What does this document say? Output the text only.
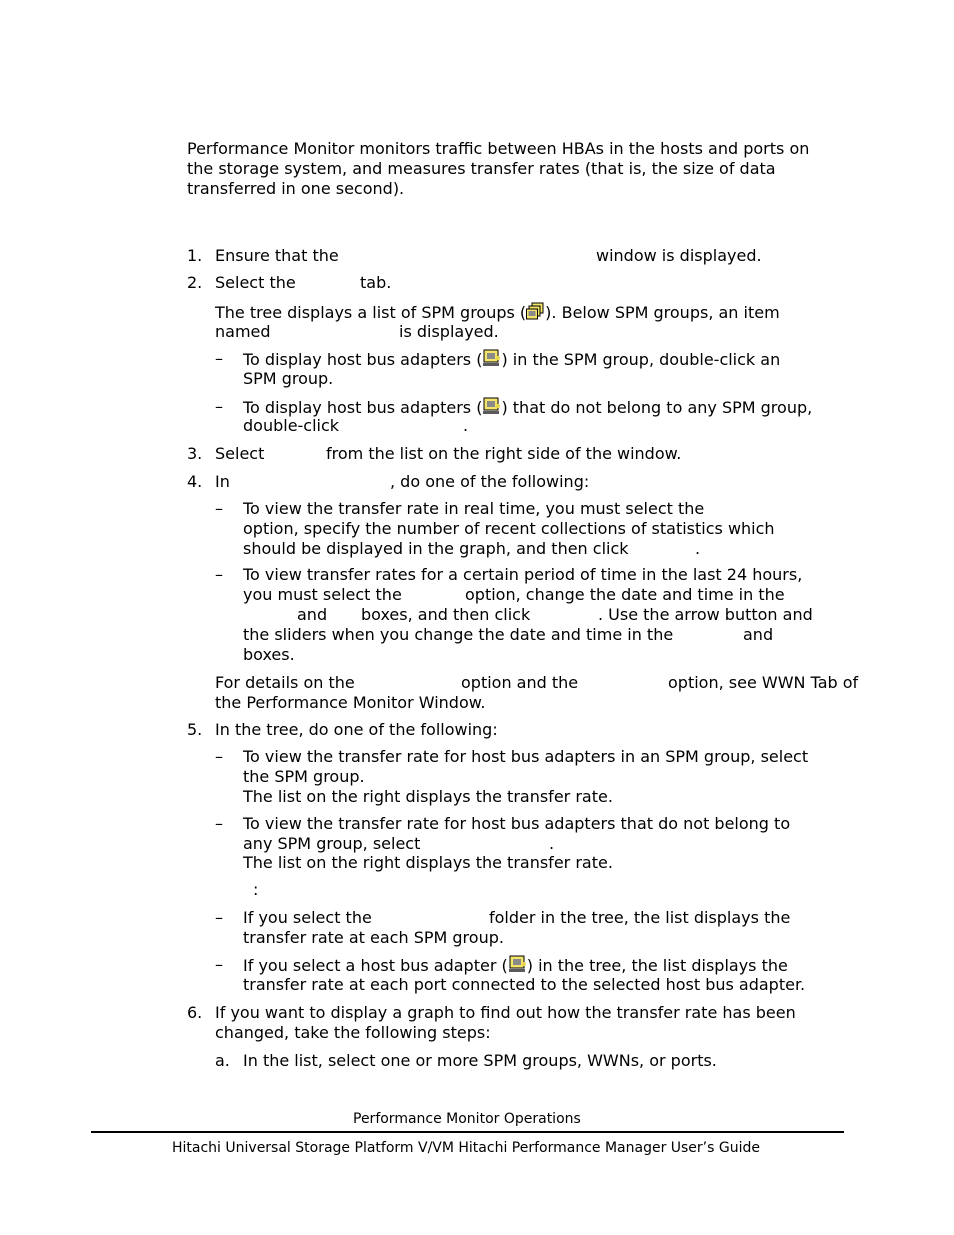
Performance Monitor monitors traffic between HBAs in the hosts and ports on
the storage system, and measures transfer rates (that is, the size of data
transferred in one second).
1. Ensure that the	window is displayed.
2. Select the	tab.
The tree displays a list of SPM groups ( ). Below SPM groups, an item
named	is displayed.
– To display host bus adapters ( ) in the SPM group, double-click an
SPM group.
– To display host bus adapters ( ) that do not belong to any SPM group,
double-click	.
3. Select	from the list on the right side of the window.
4. In	, do one of the following:
– To view the transfer rate in real time, you must select the
option, specify the number of recent collections of statistics which
should be displayed in the graph, and then click	.
– To view transfer rates for a certain period of time in the last 24 hours,
you must select the	option, change the date and time in the
and boxes, and then click	. Use the arrow button and
the sliders when you change the date and time in the	and
boxes.
For details on the	option and the	option, see WWN Tab of
the Performance Monitor Window.
5. In the tree, do one of the following:
– To view the transfer rate for host bus adapters in an SPM group, select
the SPM group.
The list on the right displays the transfer rate.
– To view the transfer rate for host bus adapters that do not belong to
any SPM group, select	.
The list on the right displays the transfer rate.
:
– If you select the	folder in the tree, the list displays the
transfer rate at each SPM group.
– If you select a host bus adapter ( ) in the tree, the list displays the
transfer rate at each port connected to the selected host bus adapter.
6. If you want to display a graph to find out how the transfer rate has been
changed, take the following steps:
a. In the list, select one or more SPM groups, WWNs, or ports.
Performance Monitor Operations
Hitachi Universal Storage Platform V/VM Hitachi Performance Manager User’s Guide
